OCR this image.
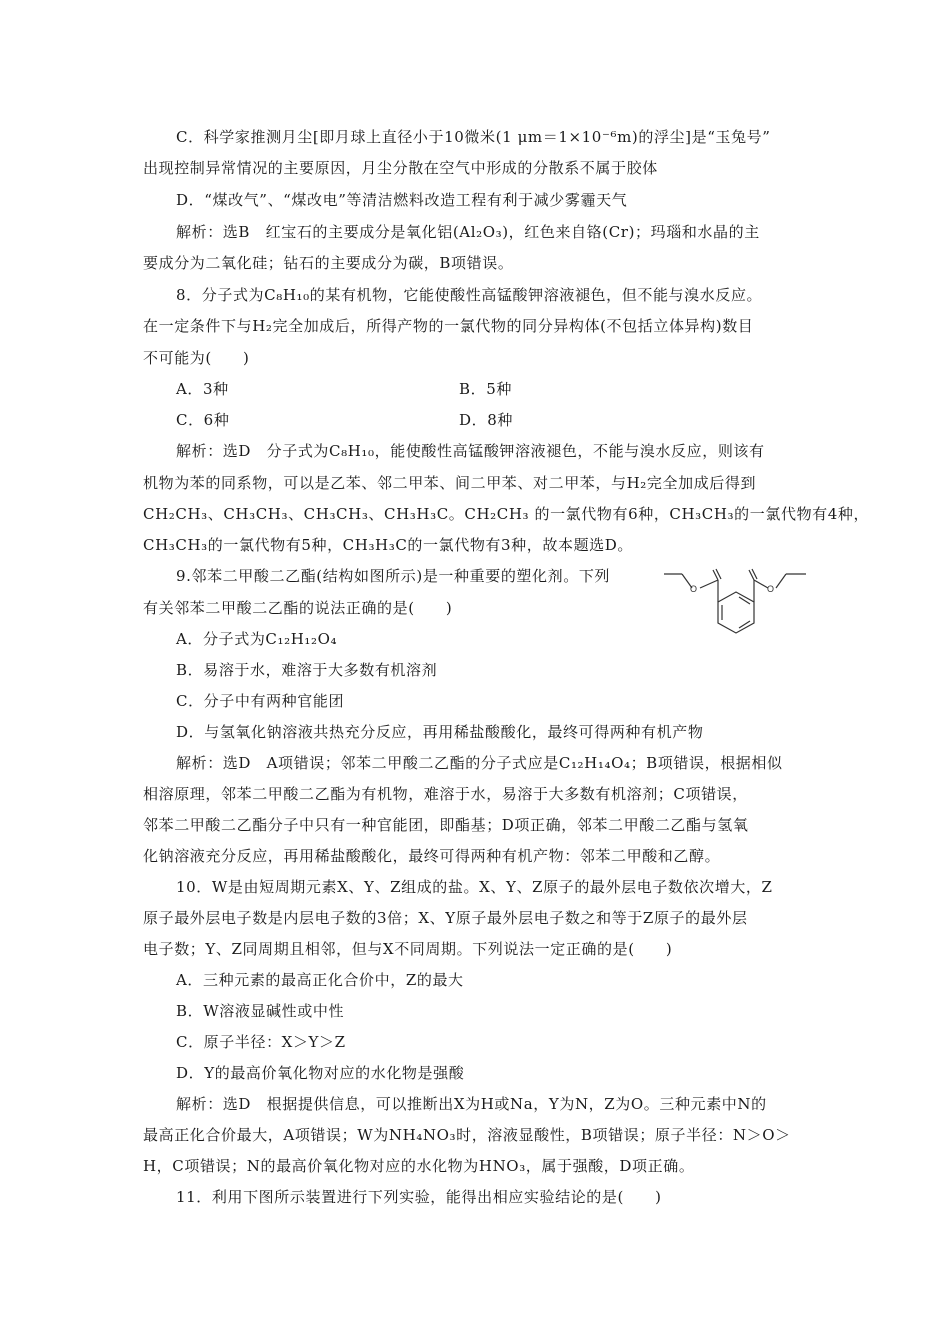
C．科学家推测月尘[即月球上直径小于10微米(1 μm＝1×10⁻⁶m)的浮尘]是“玉兔号”
出现控制异常情况的主要原因，月尘分散在空气中形成的分散系不属于胶体
D．“煤改气”、“煤改电”等清洁燃料改造工程有利于减少雾霾天气
解析：选B　红宝石的主要成分是氧化铝(Al₂O₃)，红色来自铬(Cr)；玛瑙和水晶的主
要成分为二氧化硅；钻石的主要成分为碳，B项错误。
8．分子式为C₈H₁₀的某有机物，它能使酸性高锰酸钾溶液褪色，但不能与溴水反应。
在一定条件下与H₂完全加成后，所得产物的一氯代物的同分异构体(不包括立体异构)数目
不可能为(　　)
A．3种	B．5种
C．6种	D．8种
解析：选D　分子式为C₈H₁₀，能使酸性高锰酸钾溶液褪色，不能与溴水反应，则该有
机物为苯的同系物，可以是乙苯、邻二甲苯、间二甲苯、对二甲苯，与H₂完全加成后得到
CH₂CH₃、CH₃CH₃、CH₃CH₃、CH₃H₃C。CH₂CH₃ 的一氯代物有6种，CH₃CH₃的一氯代物有4种，
CH₃CH₃的一氯代物有5种，CH₃H₃C的一氯代物有3种，故本题选D。
9.邻苯二甲酸二乙酯(结构如图所示)是一种重要的塑化剂。下列
有关邻苯二甲酸二乙酯的说法正确的是(　　)
A．分子式为C₁₂H₁₂O₄
B．易溶于水，难溶于大多数有机溶剂
C．分子中有两种官能团
D．与氢氧化钠溶液共热充分反应，再用稀盐酸酸化，最终可得两种有机产物
解析：选D　A项错误；邻苯二甲酸二乙酯的分子式应是C₁₂H₁₄O₄；B项错误，根据相似
相溶原理，邻苯二甲酸二乙酯为有机物，难溶于水，易溶于大多数有机溶剂；C项错误，
邻苯二甲酸二乙酯分子中只有一种官能团，即酯基；D项正确，邻苯二甲酸二乙酯与氢氧
化钠溶液充分反应，再用稀盐酸酸化，最终可得两种有机产物：邻苯二甲酸和乙醇。
10．W是由短周期元素X、Y、Z组成的盐。X、Y、Z原子的最外层电子数依次增大，Z
原子最外层电子数是内层电子数的3倍；X、Y原子最外层电子数之和等于Z原子的最外层
电子数；Y、Z同周期且相邻，但与X不同周期。下列说法一定正确的是(　　)
A．三种元素的最高正化合价中，Z的最大
B．W溶液显碱性或中性
C．原子半径：X＞Y＞Z
D．Y的最高价氧化物对应的水化物是强酸
解析：选D　根据提供信息，可以推断出X为H或Na，Y为N，Z为O。三种元素中N的
最高正化合价最大，A项错误；W为NH₄NO₃时，溶液显酸性，B项错误；原子半径：N＞O＞
H，C项错误；N的最高价氧化物对应的水化物为HNO₃，属于强酸，D项正确。
11．利用下图所示装置进行下列实验，能得出相应实验结论的是(　　)
O	O
